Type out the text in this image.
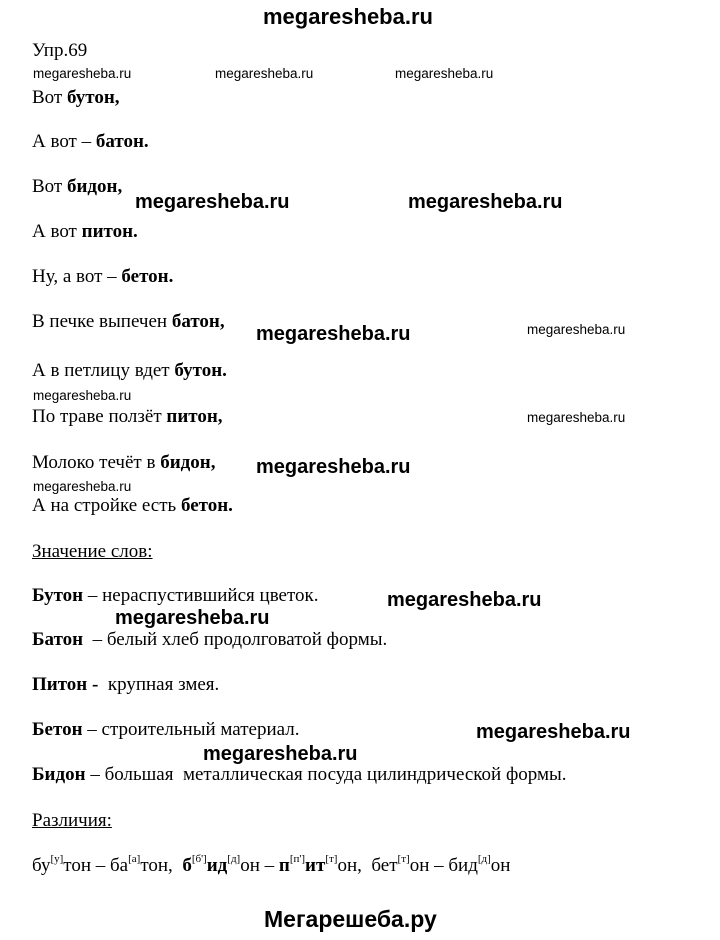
megaresheba.ru
Упр.69
megaresheba.ru	megaresheba.ru	megaresheba.ru
Вот бутон,
А вот – батон.
Вот бидон,
megaresheba.ru	megaresheba.ru
А вот питон.
Ну, а вот – бетон.
В печке выпечен батон,
megaresheba.ru	megaresheba.ru
А в петлицу вдет бутон.
megaresheba.ru
По траве ползёт питон,	megaresheba.ru
Молоко течёт в бидон, megaresheba.ru
megaresheba.ru
А на стройке есть бетон.
Значение слов:
Бутон – нераспустившийся цветок.	megaresheba.ru
megaresheba.ru
Батон  – белый хлеб продолговатой формы.
Питон - крупная змея.
Бетон – строительный материал.	megaresheba.ru
megaresheba.ru
Бидон – большая  металлическая посуда цилиндрической формы.
Различия:
бу[у]тон – ба[а]тон,  б[б']ид[д]он – п[п']ит[т]он,  бет[т]он – бид[д]он
Мегарешеба.ру
